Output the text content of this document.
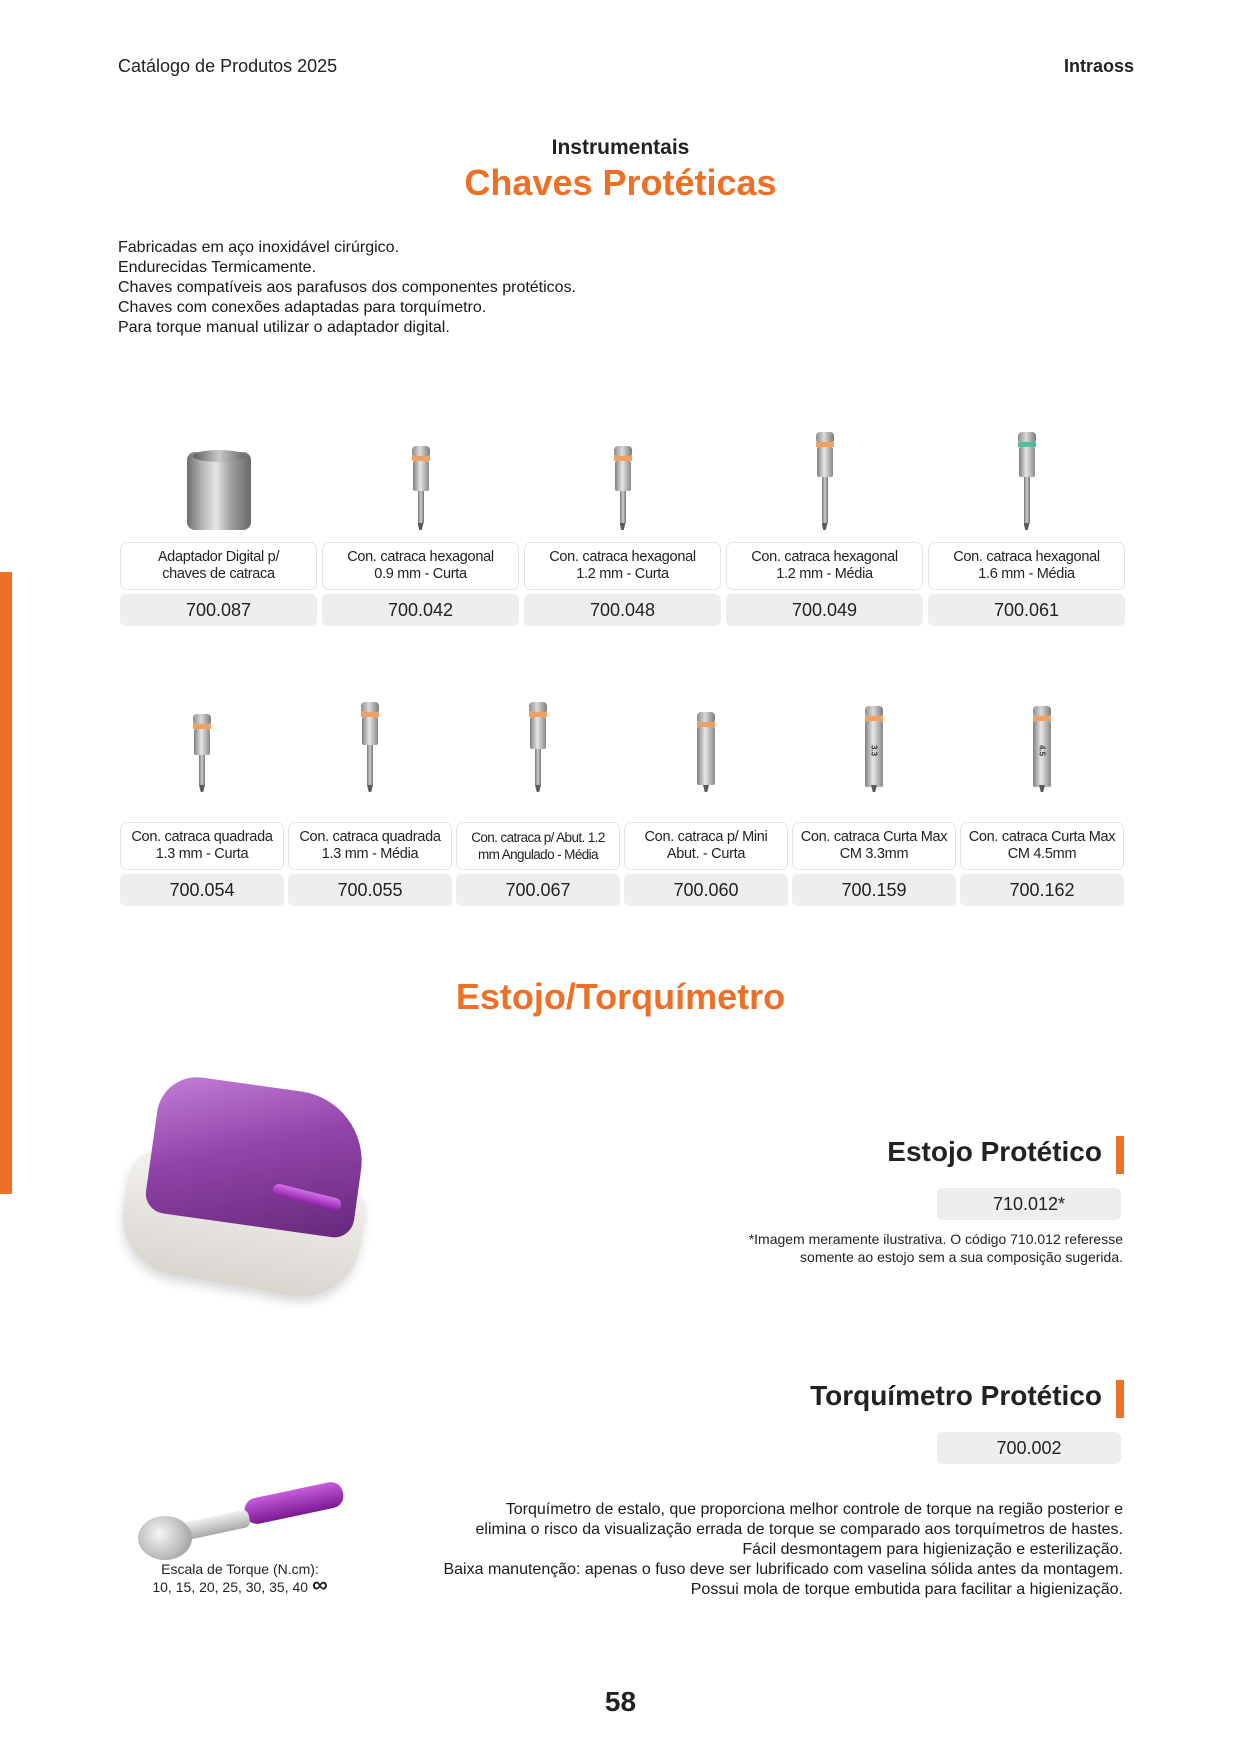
Catálogo de Produtos 2025	Intraoss
Instrumentais
Chaves Protéticas

Fabricadas em aço inoxidável cirúrgico.

Endurecidas Termicamente.

Chaves compatíveis aos parafusos dos componentes protéticos.

Chaves com conexões adaptadas para torquímetro.

Para torque manual utilizar o adaptador digital.

Adaptador Digital p/
chaves de catraca
700.087
Con. catraca hexagonal
0.9 mm - Curta
700.042
Con. catraca hexagonal
1.2 mm - Curta
700.048
Con. catraca hexagonal
1.2 mm - Média
700.049
Con. catraca hexagonal
1.6 mm - Média
700.061
Con. catraca quadrada
1.3 mm - Curta
700.054
Con. catraca quadrada
1.3 mm - Média
700.055
Con. catraca p/ Abut. 1.2
mm Angulado - Média
700.067
Con. catraca p/ Mini
Abut. - Curta
700.060
3.3
Con. catraca Curta Max
CM 3.3mm
700.159
4.5
Con. catraca Curta Max
CM 4.5mm
700.162
Estojo/Torquímetro
Estojo Protético
710.012*
*Imagem meramente ilustrativa. O código 710.012 referesse
somente ao estojo sem a sua composição sugerida.
Torquímetro Protético
700.002
Escala de Torque (N.cm):
10, 15, 20, 25, 30, 35, 40 ∞
Torquímetro de estalo, que proporciona melhor controle de torque na região posterior e
elimina o risco da visualização errada de torque se comparado aos torquímetros de hastes.
Fácil desmontagem para higienização e esterilização.
Baixa manutenção: apenas o fuso deve ser lubrificado com vaselina sólida antes da montagem.
Possui mola de torque embutida para facilitar a higienização.
58
